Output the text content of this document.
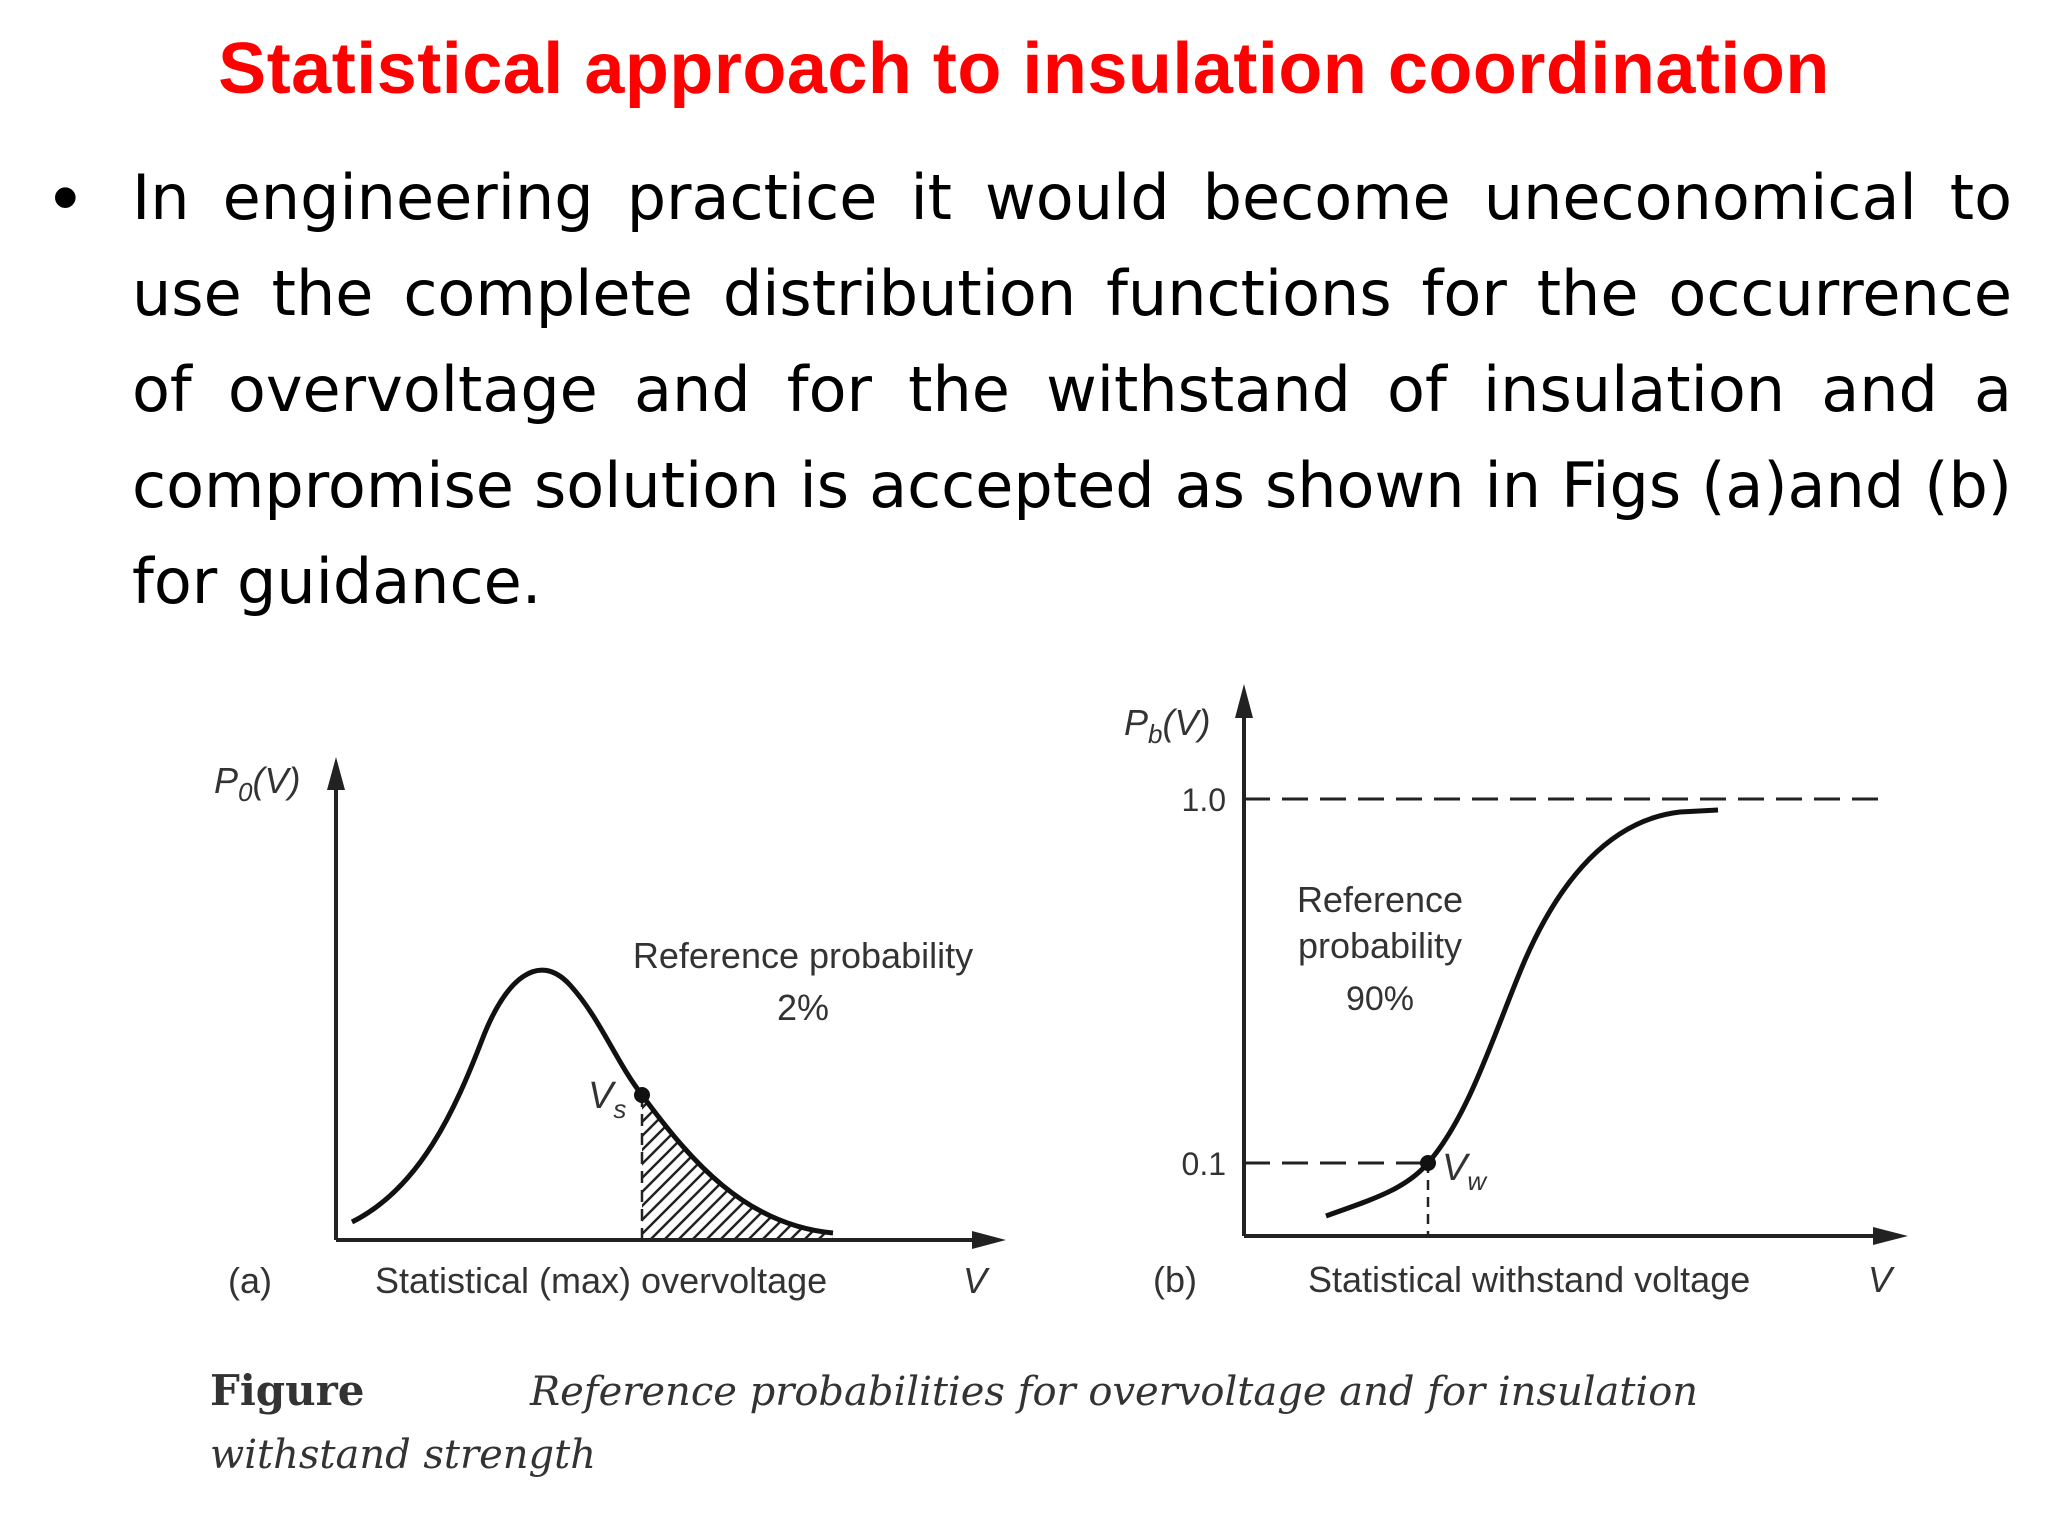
Statistical approach to insulation coordination
• In engineering practice it would become uneconomical to use the complete distribution functions for the occurrence of overvoltage and for the withstand of insulation and a compromise solution is accepted as shown in Figs (a)and (b) for guidance.

$P_0(V)$
Reference probability
2%
$V_s$
(a)	Statistical (max) overvoltage	V
$P_b(V)$
1.0
0.1
Reference
probability
90%
$V_w$
(b)	Statistical withstand voltage	V
Figure	Reference probabilities for overvoltage and for insulation
withstand strength
